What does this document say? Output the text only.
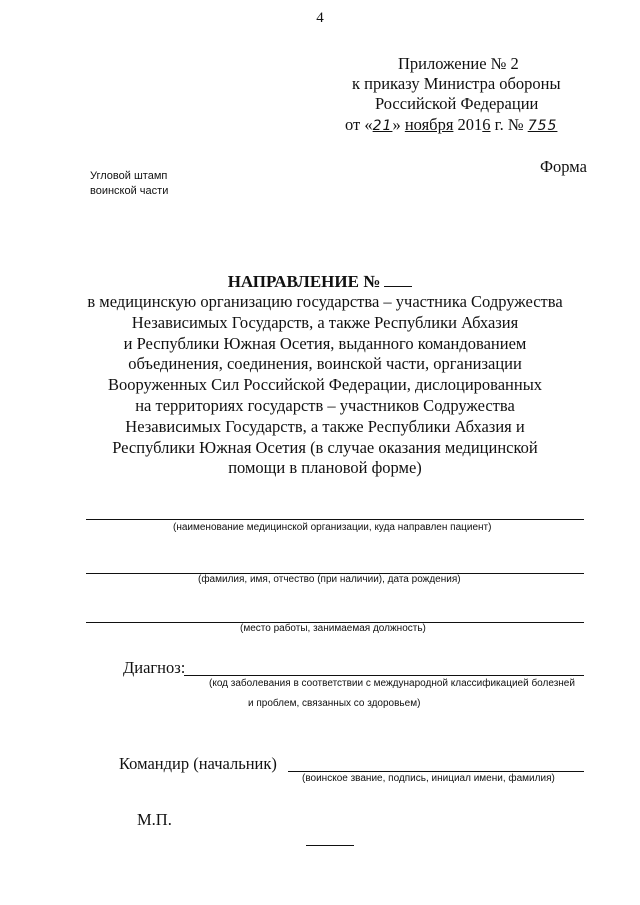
4
Приложение № 2
к приказу Министра обороны
Российской Федерации
от «21» ноября 2016 г. № 755
Форма
Угловой штамп
воинской части
НАПРАВЛЕНИЕ №
в медицинскую организацию государства – участника Содружества
Независимых Государств, а также Республики Абхазия
и Республики Южная Осетия, выданного командованием
объединения, соединения, воинской части, организации
Вооруженных Сил Российской Федерации, дислоцированных
на территориях государств – участников Содружества
Независимых Государств, а также Республики Абхазия и
Республики Южная Осетия (в случае оказания медицинской
помощи в плановой форме)
(наименование медицинской организации, куда направлен пациент)
(фамилия, имя, отчество (при наличии), дата рождения)
(место работы, занимаемая должность)
Диагноз:
(код заболевания в соответствии с международной классификацией болезней
и проблем, связанных со здоровьем)
Командир (начальник)
(воинское звание, подпись, инициал имени, фамилия)
М.П.
